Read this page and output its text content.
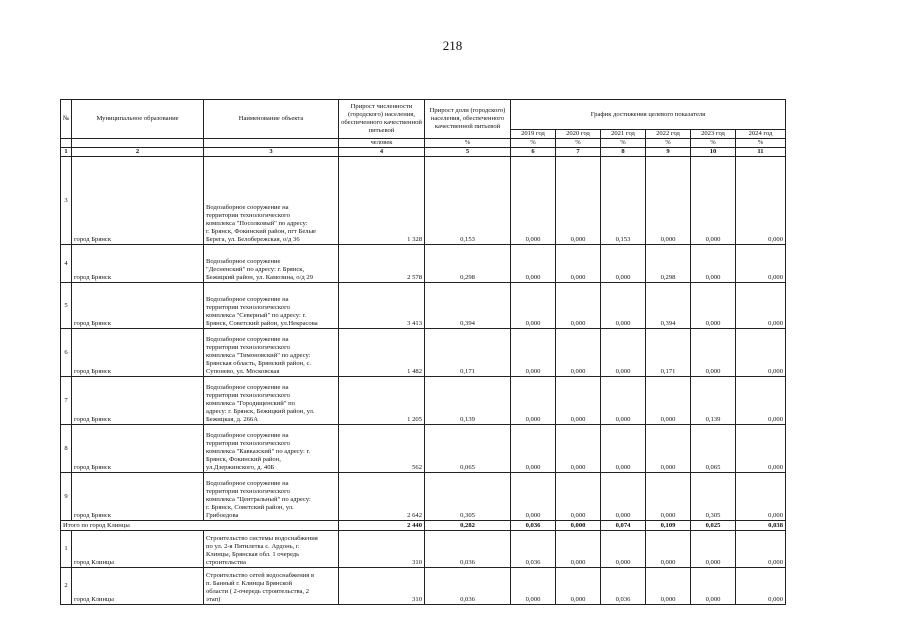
218
№	Муниципальное образование	Наименование объекта	Прирост численности (городского) населения, обеспеченного качественной питьевой	Прирост доли (городского) населения, обеспеченного качественной питьевой	График достижения целевого показателя					
					2019 год	2020 год	2021 год	2022 год	2023 год	2024 год
			человек	%	%	%	%	%	%	%
1	2	3	4	5	6	7	8	9	10	11
3	город Брянск	Водозаборное сооружение на
территории технологического
комплекса "Посолковый" по адресу:
г. Брянск, Фокинский район, пгт Белые
Берега, ул. Белобережская, о/д 36	1 328	0,153	0,000	0,000	0,153	0,000	0,000	0,000
4	город Брянск	Водозаборное сооружение
"Десненский" по адресу: г. Брянск,
Бежицкий район, ул. Камозина, о/д 29	2 578	0,298	0,000	0,000	0,000	0,298	0,000	0,000
5	город Брянск	Водозаборное сооружение на
территории технологического
комплекса "Северный" по адресу: г.
Брянск, Советский район, ул.Некрасова	3 413	0,394	0,000	0,000	0,000	0,394	0,000	0,000
6	город Брянск	Водозаборное сооружение на
территории технологического
комплекса "Тимоновский" по адресу:
Брянская область, Брянский район, с.
Супонево, ул. Московская	1 482	0,171	0,000	0,000	0,000	0,171	0,000	0,000
7	город Брянск	Водозаборное сооружение на
территории технологического
комплекса "Городищенский" по
адресу: г. Брянск, Бежицкий район, ул.
Бежицкая, д. 266А	1 205	0,139	0,000	0,000	0,000	0,000	0,139	0,000
8	город Брянск	Водозаборное сооружение на
территории технологического
комплекса "Кавказский" по адресу: г.
Брянск, Фокинский район,
ул.Дзержинского, д. 40Б	562	0,065	0,000	0,000	0,000	0,000	0,065	0,000
9	город Брянск	Водозаборное сооружение на
территории технологического
комплекса "Центральный" по адресу:
г. Брянск, Советский район, ул.
Грибоедова	2 642	0,305	0,000	0,000	0,000	0,000	0,305	0,000
Итого по город Клинцы			2 440	0,282	0,036	0,000	0,074	0,109	0,025	0,038
1	город Клинцы	Строительство системы водоснабжения
по ул. 2-я Пятилетка с. Ардонь, г.
Клинцы, Брянская обл. 1 очередь
строительства	310	0,036	0,036	0,000	0,000	0,000	0,000	0,000
2	город Клинцы	Строительство сетей водоснабжения в
п. Банный г. Клинцы Брянской
области ( 2-очередь строительства, 2
этап)	310	0,036	0,000	0,000	0,036	0,000	0,000	0,000
